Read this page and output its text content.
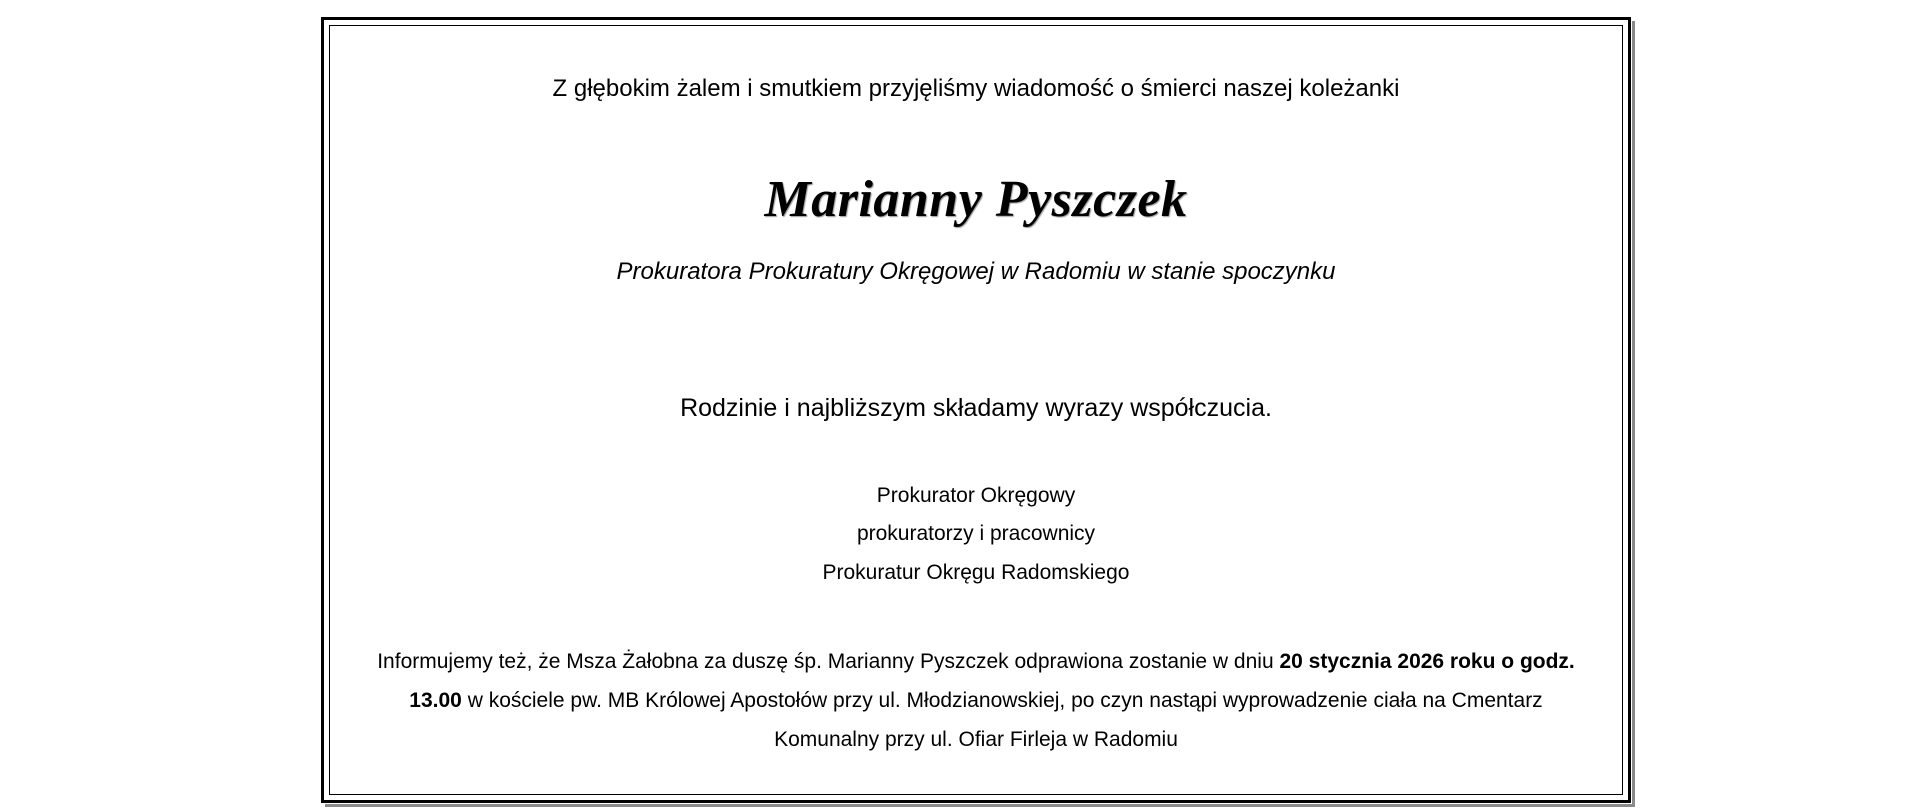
Z głębokim żalem i smutkiem przyjęliśmy wiadomość o śmierci naszej koleżanki
Marianny Pyszczek
Prokuratora Prokuratury Okręgowej w Radomiu w stanie spoczynku
Rodzinie i najbliższym składamy wyrazy współczucia.
Prokurator Okręgowy
prokuratorzy i pracownicy
Prokuratur Okręgu Radomskiego
Informujemy też, że Msza Żałobna za duszę śp. Marianny Pyszczek odprawiona zostanie w dniu 20 stycznia 2026 roku o godz.
13.00 w kościele pw. MB Królowej Apostołów przy ul. Młodzianowskiej, po czyn nastąpi wyprowadzenie ciała na Cmentarz
Komunalny przy ul. Ofiar Firleja w Radomiu
